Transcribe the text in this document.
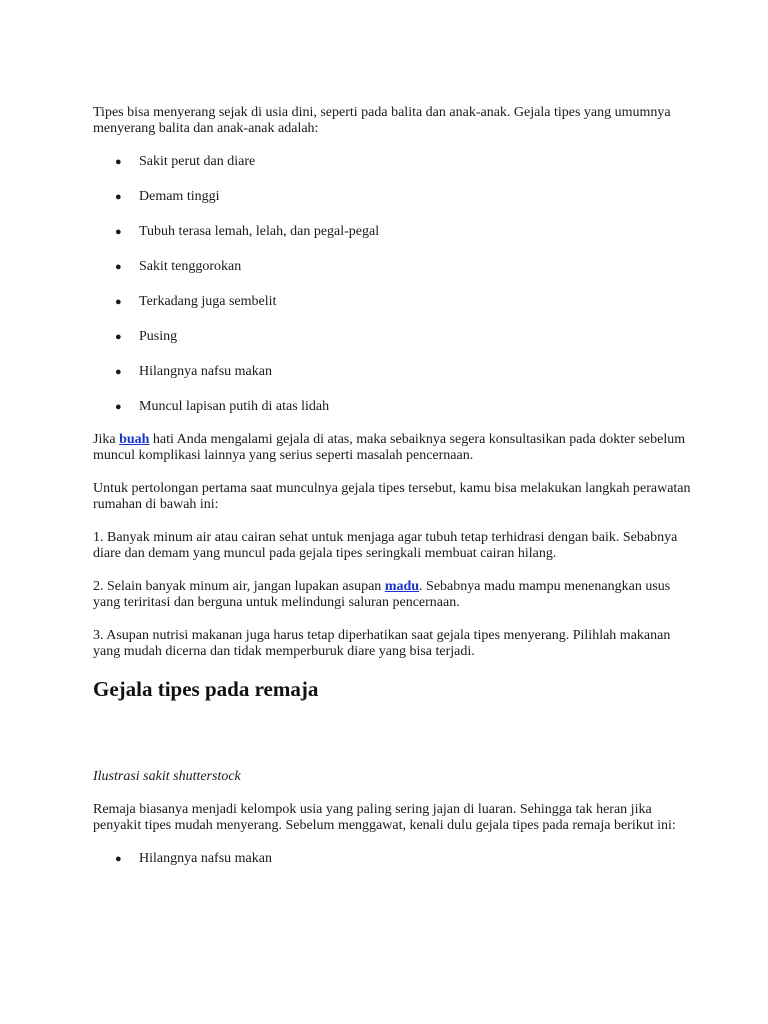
Tipes bisa menyerang sejak di usia dini, seperti pada balita dan anak-anak. Gejala tipes yang umumnya menyerang balita dan anak-anak adalah:

● Sakit perut dan diare
● Demam tinggi
● Tubuh terasa lemah, lelah, dan pegal-pegal
● Sakit tenggorokan
● Terkadang juga sembelit
● Pusing
● Hilangnya nafsu makan
● Muncul lapisan putih di atas lidah

Jika buah hati Anda mengalami gejala di atas, maka sebaiknya segera konsultasikan pada dokter sebelum muncul komplikasi lainnya yang serius seperti masalah pencernaan.

Untuk pertolongan pertama saat munculnya gejala tipes tersebut, kamu bisa melakukan langkah perawatan rumahan di bawah ini:

1. Banyak minum air atau cairan sehat untuk menjaga agar tubuh tetap terhidrasi dengan baik. Sebabnya diare dan demam yang muncul pada gejala tipes seringkali membuat cairan hilang.

2. Selain banyak minum air, jangan lupakan asupan madu. Sebabnya madu mampu menenangkan usus yang teriritasi dan berguna untuk melindungi saluran pencernaan.

3. Asupan nutrisi makanan juga harus tetap diperhatikan saat gejala tipes menyerang. Pilihlah makanan yang mudah dicerna dan tidak memperburuk diare yang bisa terjadi.

Gejala tipes pada remaja

Ilustrasi sakit shutterstock

Remaja biasanya menjadi kelompok usia yang paling sering jajan di luaran. Sehingga tak heran jika penyakit tipes mudah menyerang. Sebelum menggawat, kenali dulu gejala tipes pada remaja berikut ini:

● Hilangnya nafsu makan
